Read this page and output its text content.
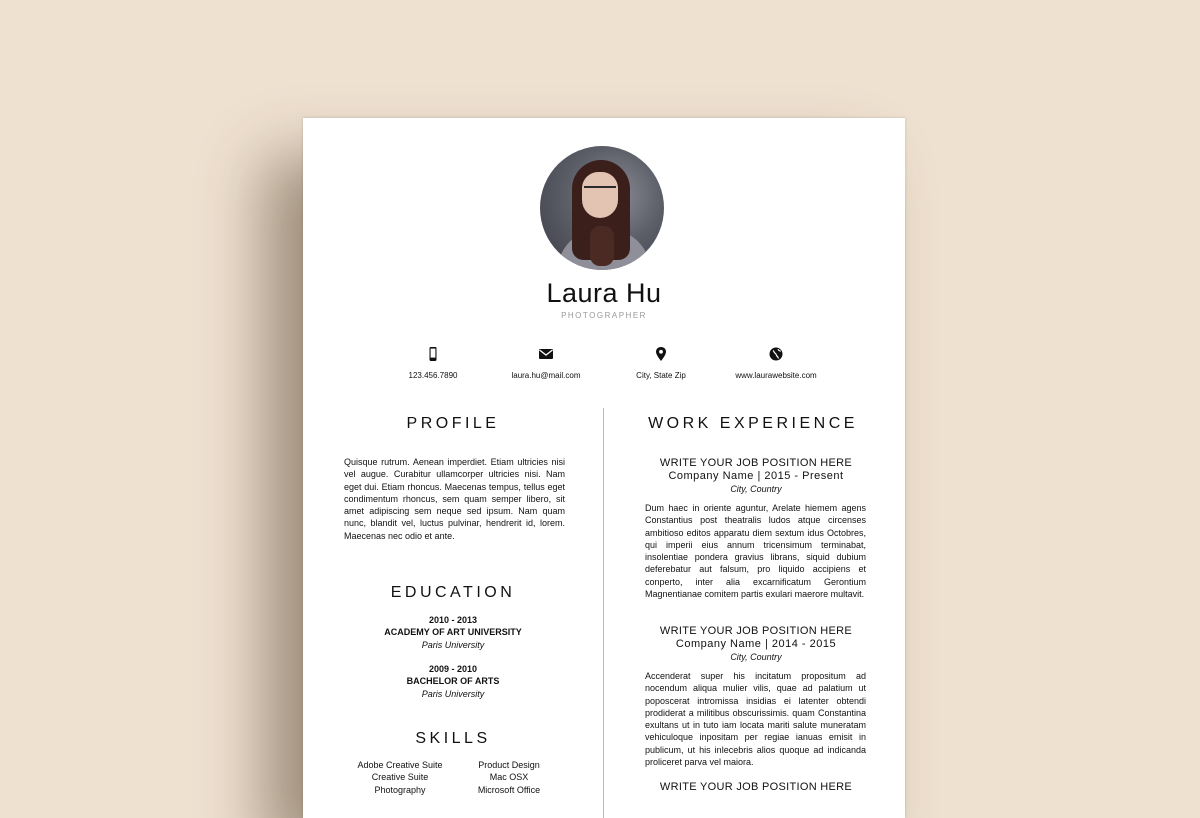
Laura Hu
PHOTOGRAPHER
123.456.7890	laura.hu@mail.com	City, State Zip	www.laurawebsite.com
PROFILE

Quisque rutrum. Aenean imperdiet. Etiam ultricies nisi vel augue. Curabitur ullamcorper ultricies nisi. Nam eget dui. Etiam rhoncus. Maecenas tempus, tellus eget condimentum rhoncus, sem quam semper libero, sit amet adipiscing sem neque sed ipsum. Nam quam nunc, blandit vel, luctus pulvinar, hendrerit id, lorem. Maecenas nec odio et ante.

EDUCATION
2010 - 2013
ACADEMY OF ART UNIVERSITY
Paris University
2009 - 2010
BACHELOR OF ARTS
Paris University
SKILLS
Adobe Creative Suite
Creative Suite
Photography
Product Design
Mac OSX
Microsoft Office
WORK EXPERIENCE
WRITE YOUR JOB POSITION HERE
Company Name | 2015 - Present
City, Country

Dum haec in oriente aguntur, Arelate hiemem agens Constantius post theatralis ludos atque circenses ambitioso editos apparatu diem sextum idus Octobres, qui imperii eius annum tricensimum terminabat, insolentiae pondera gravius librans, siquid dubium deferebatur aut falsum, pro liquido accipiens et conperto, inter alia excarnificatum Gerontium Magnentianae comitem partis exulari maerore multavit.

WRITE YOUR JOB POSITION HERE
Company Name | 2014 - 2015
City, Country

Accenderat super his incitatum propositum ad nocendum aliqua mulier vilis, quae ad palatium ut poposcerat intromissa insidias ei latenter obtendi prodiderat a militibus obscurissimis. quam Constantina exultans ut in tuto iam locata mariti salute muneratam vehiculoque inpositam per regiae ianuas emisit in publicum, ut his inlecebris alios quoque ad indicanda proliceret parva vel maiora.

WRITE YOUR JOB POSITION HERE
